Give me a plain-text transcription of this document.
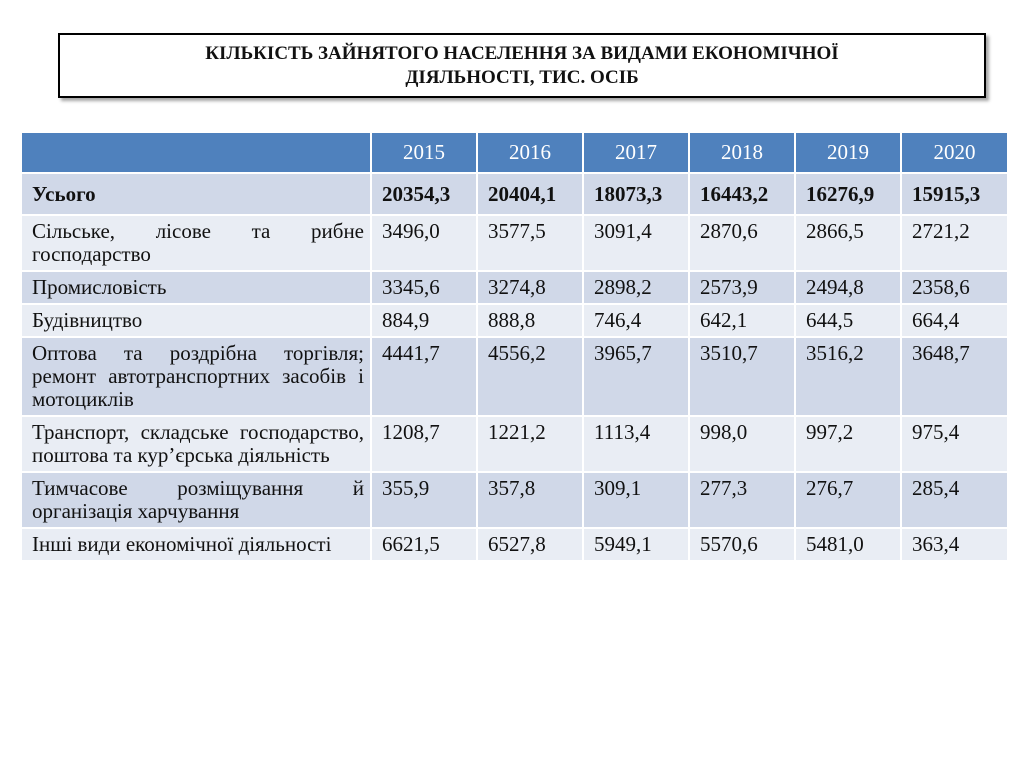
КІЛЬКІСТЬ ЗАЙНЯТОГО НАСЕЛЕННЯ ЗА ВИДАМИ ЕКОНОМІЧНОЇ
ДІЯЛЬНОСТІ, ТИС. ОСІБ
	2015	2016	2017	2018	2019	2020
Усього	20354,3	20404,1	18073,3	16443,2	16276,9	15915,3
Сільське, лісове та рибне господарство	3496,0	3577,5	3091,4	2870,6	2866,5	2721,2
Промисловість	3345,6	3274,8	2898,2	2573,9	2494,8	2358,6
Будівництво	884,9	888,8	746,4	642,1	644,5	664,4
Оптова та роздрібна торгівля; ремонт автотранспортних засобів і мотоциклів	4441,7	4556,2	3965,7	3510,7	3516,2	3648,7
Транспорт, складське господарство, поштова та кур’єрська діяльність	1208,7	1221,2	1113,4	998,0	997,2	975,4
Тимчасове розміщування й організація харчування	355,9	357,8	309,1	277,3	276,7	285,4
Інші види економічної діяльності	6621,5	6527,8	5949,1	5570,6	5481,0	363,4
